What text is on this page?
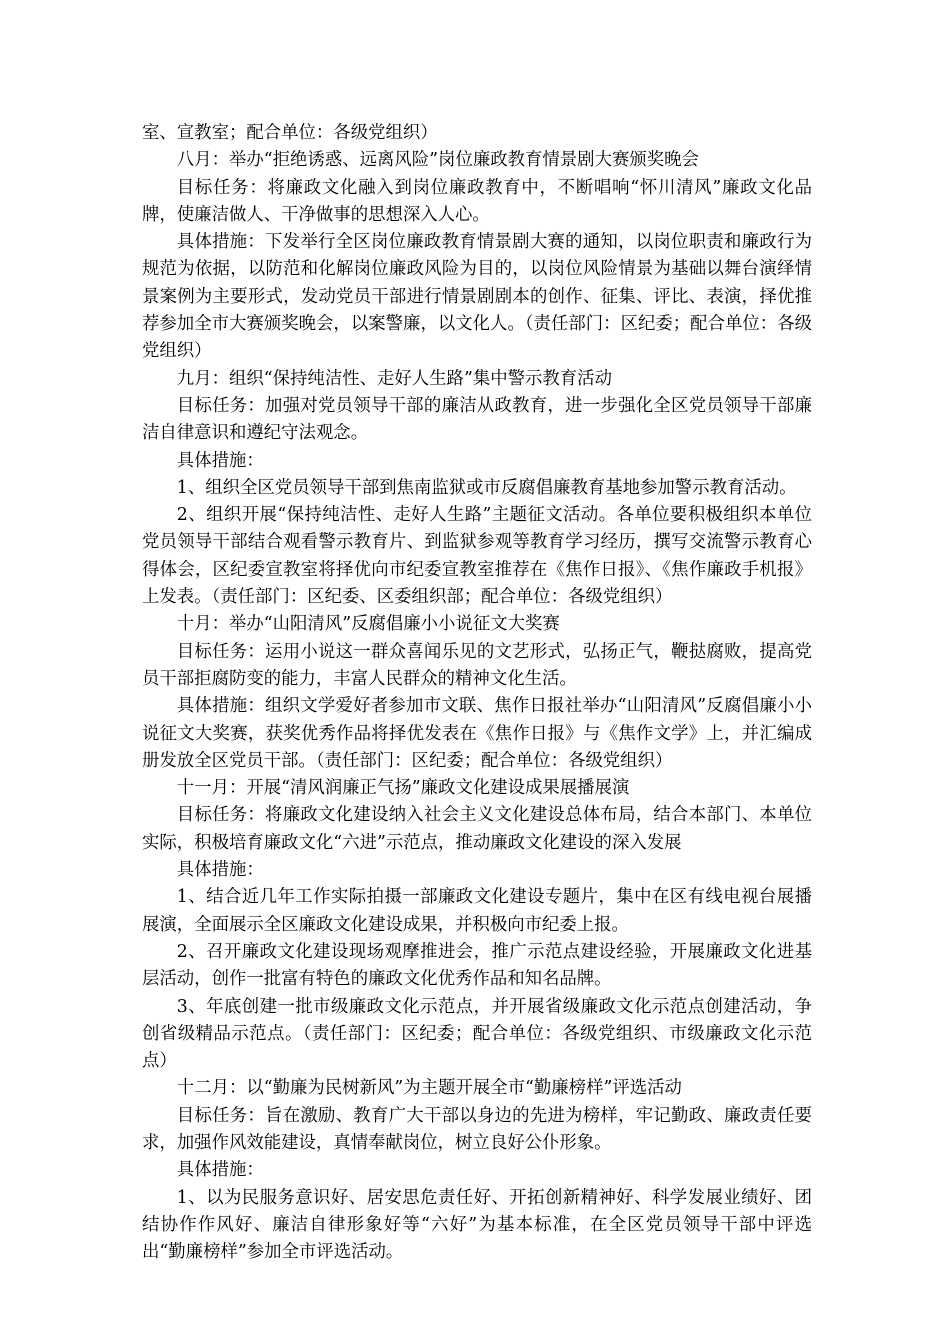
室、宣教室；配合单位：各级党组织）

八月：举办“拒绝诱惑、远离风险”岗位廉政教育情景剧大赛颁奖晚会

目标任务：将廉政文化融入到岗位廉政教育中，不断唱响“怀川清风”廉政文化品牌，使廉洁做人、干净做事的思想深入人心。

具体措施：下发举行全区岗位廉政教育情景剧大赛的通知，以岗位职责和廉政行为规范为依据，以防范和化解岗位廉政风险为目的，以岗位风险情景为基础以舞台演绎情景案例为主要形式，发动党员干部进行情景剧剧本的创作、征集、评比、表演，择优推荐参加全市大赛颁奖晚会，以案警廉，以文化人。（责任部门：区纪委；配合单位：各级党组织）

九月：组织“保持纯洁性、走好人生路”集中警示教育活动

目标任务：加强对党员领导干部的廉洁从政教育，进一步强化全区党员领导干部廉洁自律意识和遵纪守法观念。

具体措施：

1、组织全区党员领导干部到焦南监狱或市反腐倡廉教育基地参加警示教育活动。

2、组织开展“保持纯洁性、走好人生路”主题征文活动。各单位要积极组织本单位党员领导干部结合观看警示教育片、到监狱参观等教育学习经历，撰写交流警示教育心得体会，区纪委宣教室将择优向市纪委宣教室推荐在《焦作日报》、《焦作廉政手机报》上发表。（责任部门：区纪委、区委组织部；配合单位：各级党组织）

十月：举办“山阳清风”反腐倡廉小小说征文大奖赛

目标任务：运用小说这一群众喜闻乐见的文艺形式，弘扬正气，鞭挞腐败，提高党员干部拒腐防变的能力，丰富人民群众的精神文化生活。

具体措施：组织文学爱好者参加市文联、焦作日报社举办“山阳清风”反腐倡廉小小说征文大奖赛，获奖优秀作品将择优发表在《焦作日报》与《焦作文学》上，并汇编成册发放全区党员干部。（责任部门：区纪委；配合单位：各级党组织）

十一月：开展“清风润廉正气扬”廉政文化建设成果展播展演

目标任务：将廉政文化建设纳入社会主义文化建设总体布局，结合本部门、本单位实际，积极培育廉政文化“六进”示范点，推动廉政文化建设的深入发展

具体措施：

1、结合近几年工作实际拍摄一部廉政文化建设专题片，集中在区有线电视台展播展演，全面展示全区廉政文化建设成果，并积极向市纪委上报。

2、召开廉政文化建设现场观摩推进会，推广示范点建设经验，开展廉政文化进基层活动，创作一批富有特色的廉政文化优秀作品和知名品牌。

3、年底创建一批市级廉政文化示范点，并开展省级廉政文化示范点创建活动，争创省级精品示范点。（责任部门：区纪委；配合单位：各级党组织、市级廉政文化示范点）

十二月：以“勤廉为民树新风”为主题开展全市“勤廉榜样”评选活动

目标任务：旨在激励、教育广大干部以身边的先进为榜样，牢记勤政、廉政责任要求，加强作风效能建设，真情奉献岗位，树立良好公仆形象。

具体措施：

1、以为民服务意识好、居安思危责任好、开拓创新精神好、科学发展业绩好、团结协作作风好、廉洁自律形象好等“六好”为基本标准，在全区党员领导干部中评选出“勤廉榜样”参加全市评选活动。
